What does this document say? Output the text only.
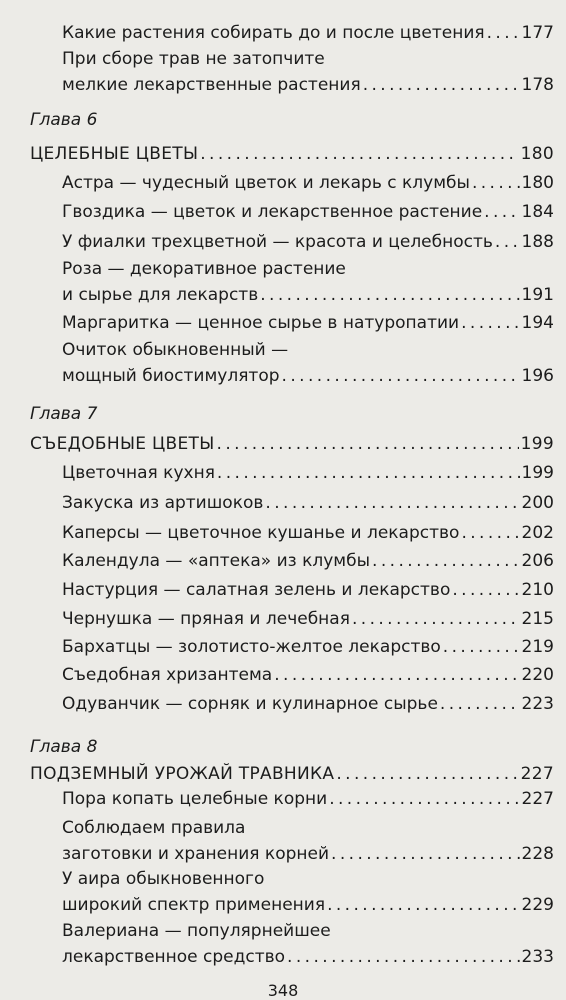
Какие растения собирать до и после цветения . . . 177
При сборе трав не затопчите
мелкие лекарственные растения . . .	178
Глава 6
ЦЕЛЕБНЫЕ ЦВЕТЫ . . .	180
Астра — чудесный цветок и лекарь с клумбы . . .	180
Гвоздика — цветок и лекарственное растение . . . 184
У фиалки трехцветной — красота и целебность . . . 188
Роза — декоративное растение
и сырье для лекарств . . .	191
Маргаритка — ценное сырье в натуропатии . . .	194
Очиток обыкновенный —
мощный биостимулятор . . .	196
Глава 7
СЪЕДОБНЫЕ ЦВЕТЫ . . .	199
Цветочная кухня . . .	199
Закуска из артишоков . . .	200
Каперсы — цветочное кушанье и лекарство . . .	202
Календула — «аптека» из клумбы . . .	206
Настурция — салатная зелень и лекарство . . .	210
Чернушка — пряная и лечебная . . .	215
Бархатцы — золотисто-желтое лекарство . . .	219
Съедобная хризантема . . .	220
Одуванчик — сорняк и кулинарное сырье . . .	223
Глава 8
ПОДЗЕМНЫЙ УРОЖАЙ ТРАВНИКА . . .	227
Пора копать целебные корни . . .	227
Соблюдаем правила
заготовки и хранения корней . . .	228
У аира обыкновенного
широкий спектр применения . . .	229
Валериана — популярнейшее
лекарственное средство . . .	233
348
